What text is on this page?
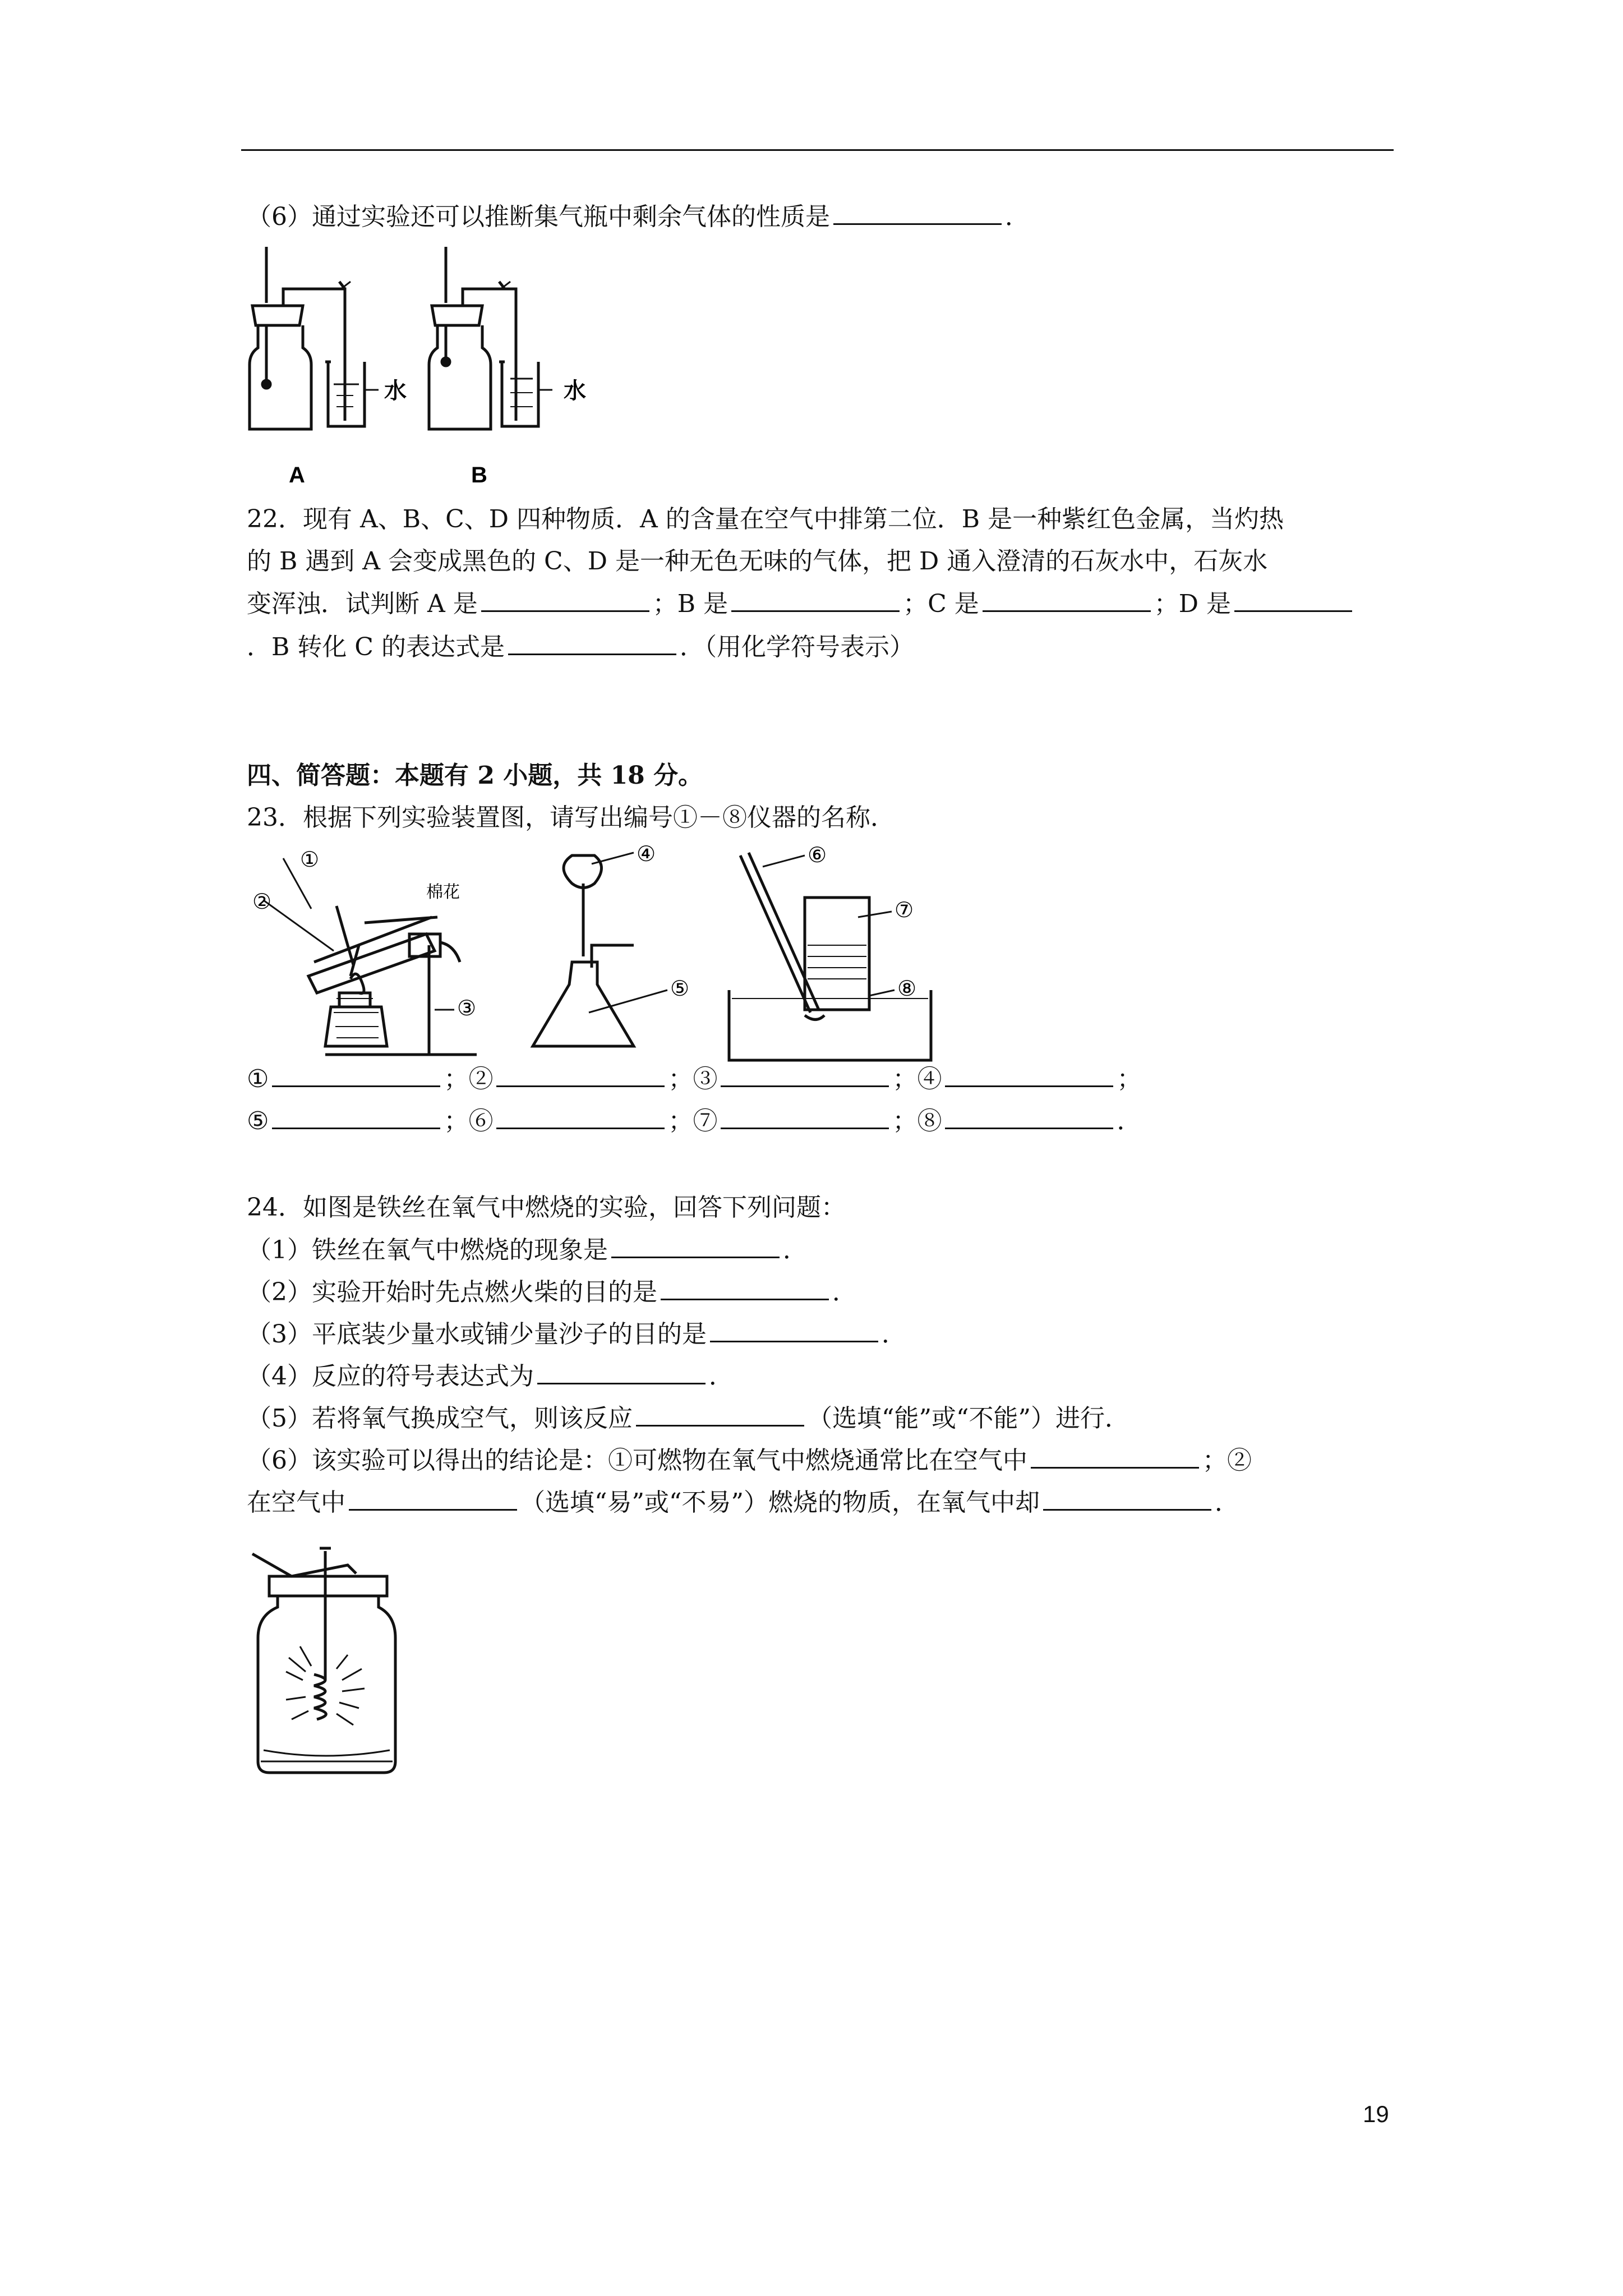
（6）通过实验还可以推断集气瓶中剩余气体的性质是	．
水	水
A	B
22．现有 A、B、C、D 四种物质．A 的含量在空气中排第二位．B 是一种紫红色金属，当灼热
的 B 遇到 A 会变成黑色的 C、D 是一种无色无味的气体，把 D 通入澄清的石灰水中，石灰水
变浑浊．试判断 A 是	；B 是	；C 是	；D 是
．B 转化 C 的表达式是	．（用化学符号表示）
四、简答题：本题有 2 小题，共 18 分。
23．根据下列实验装置图，请写出编号①－⑧仪器的名称．
①
②
③
④
⑤
⑥
⑦
⑧
棉花
①	；②	；③	；④	；
⑤	；⑥	；⑦	；⑧	．
24．如图是铁丝在氧气中燃烧的实验，回答下列问题：
（1）铁丝在氧气中燃烧的现象是	．
（2）实验开始时先点燃火柴的目的是	．
（3）平底装少量水或铺少量沙子的目的是	．
（4）反应的符号表达式为	．
（5）若将氧气换成空气，则该反应	（选填“能”或“不能”）进行．
（6）该实验可以得出的结论是：①可燃物在氧气中燃烧通常比在空气中	；②
在空气中	（选填“易”或“不易”）燃烧的物质，在氧气中却	．
19
